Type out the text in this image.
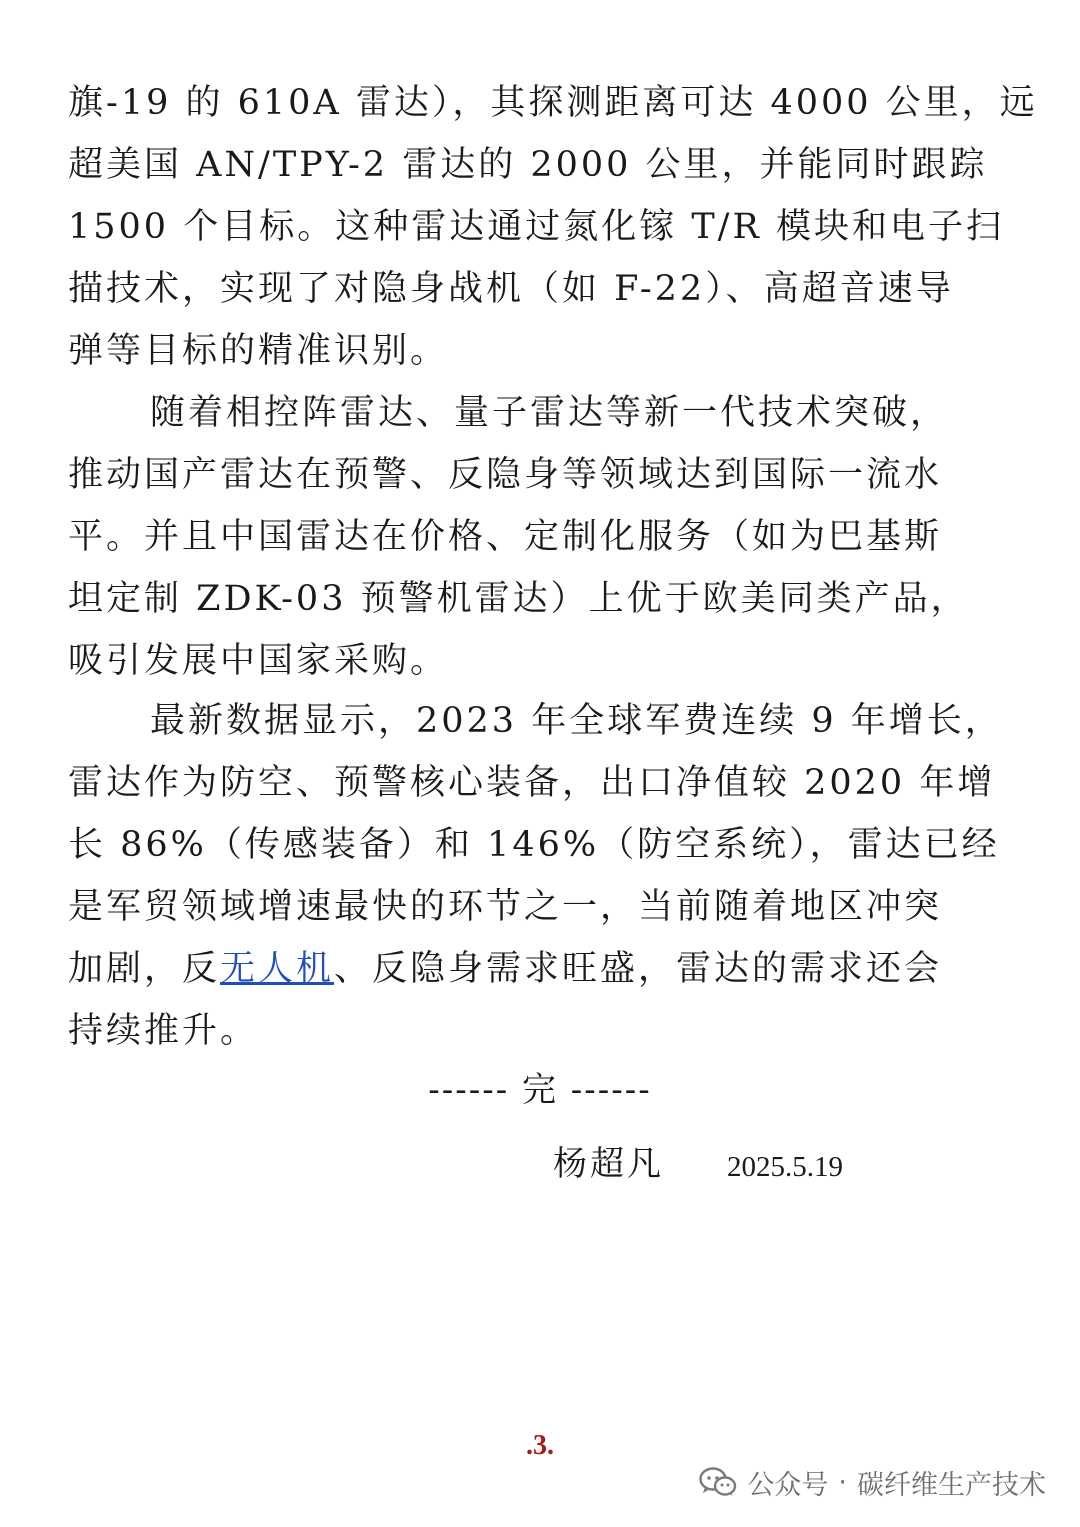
旗-19 的 610A 雷达），其探测距离可达 4000 公里，远
超美国 AN/TPY-2 雷达的 2000 公里，并能同时跟踪
1500 个目标。这种雷达通过氮化镓 T/R 模块和电子扫
描技术，实现了对隐身战机（如 F-22）、高超音速导
弹等目标的精准识别。
随着相控阵雷达、量子雷达等新一代技术突破，
推动国产雷达在预警、反隐身等领域达到国际一流水
平。并且中国雷达在价格、定制化服务（如为巴基斯
坦定制 ZDK-03 预警机雷达）上优于欧美同类产品，
吸引发展中国家采购。
最新数据显示，2023 年全球军费连续 9 年增长，
雷达作为防空、预警核心装备，出口净值较 2020 年增
长 86%（传感装备）和 146%（防空系统），雷达已经
是军贸领域增速最快的环节之一，当前随着地区冲突
加剧，反无人机、反隐身需求旺盛，雷达的需求还会
持续推升。
------ 完 ------
杨超凡 2025.5.19
.3.
公众号 · 碳纤维生产技术
